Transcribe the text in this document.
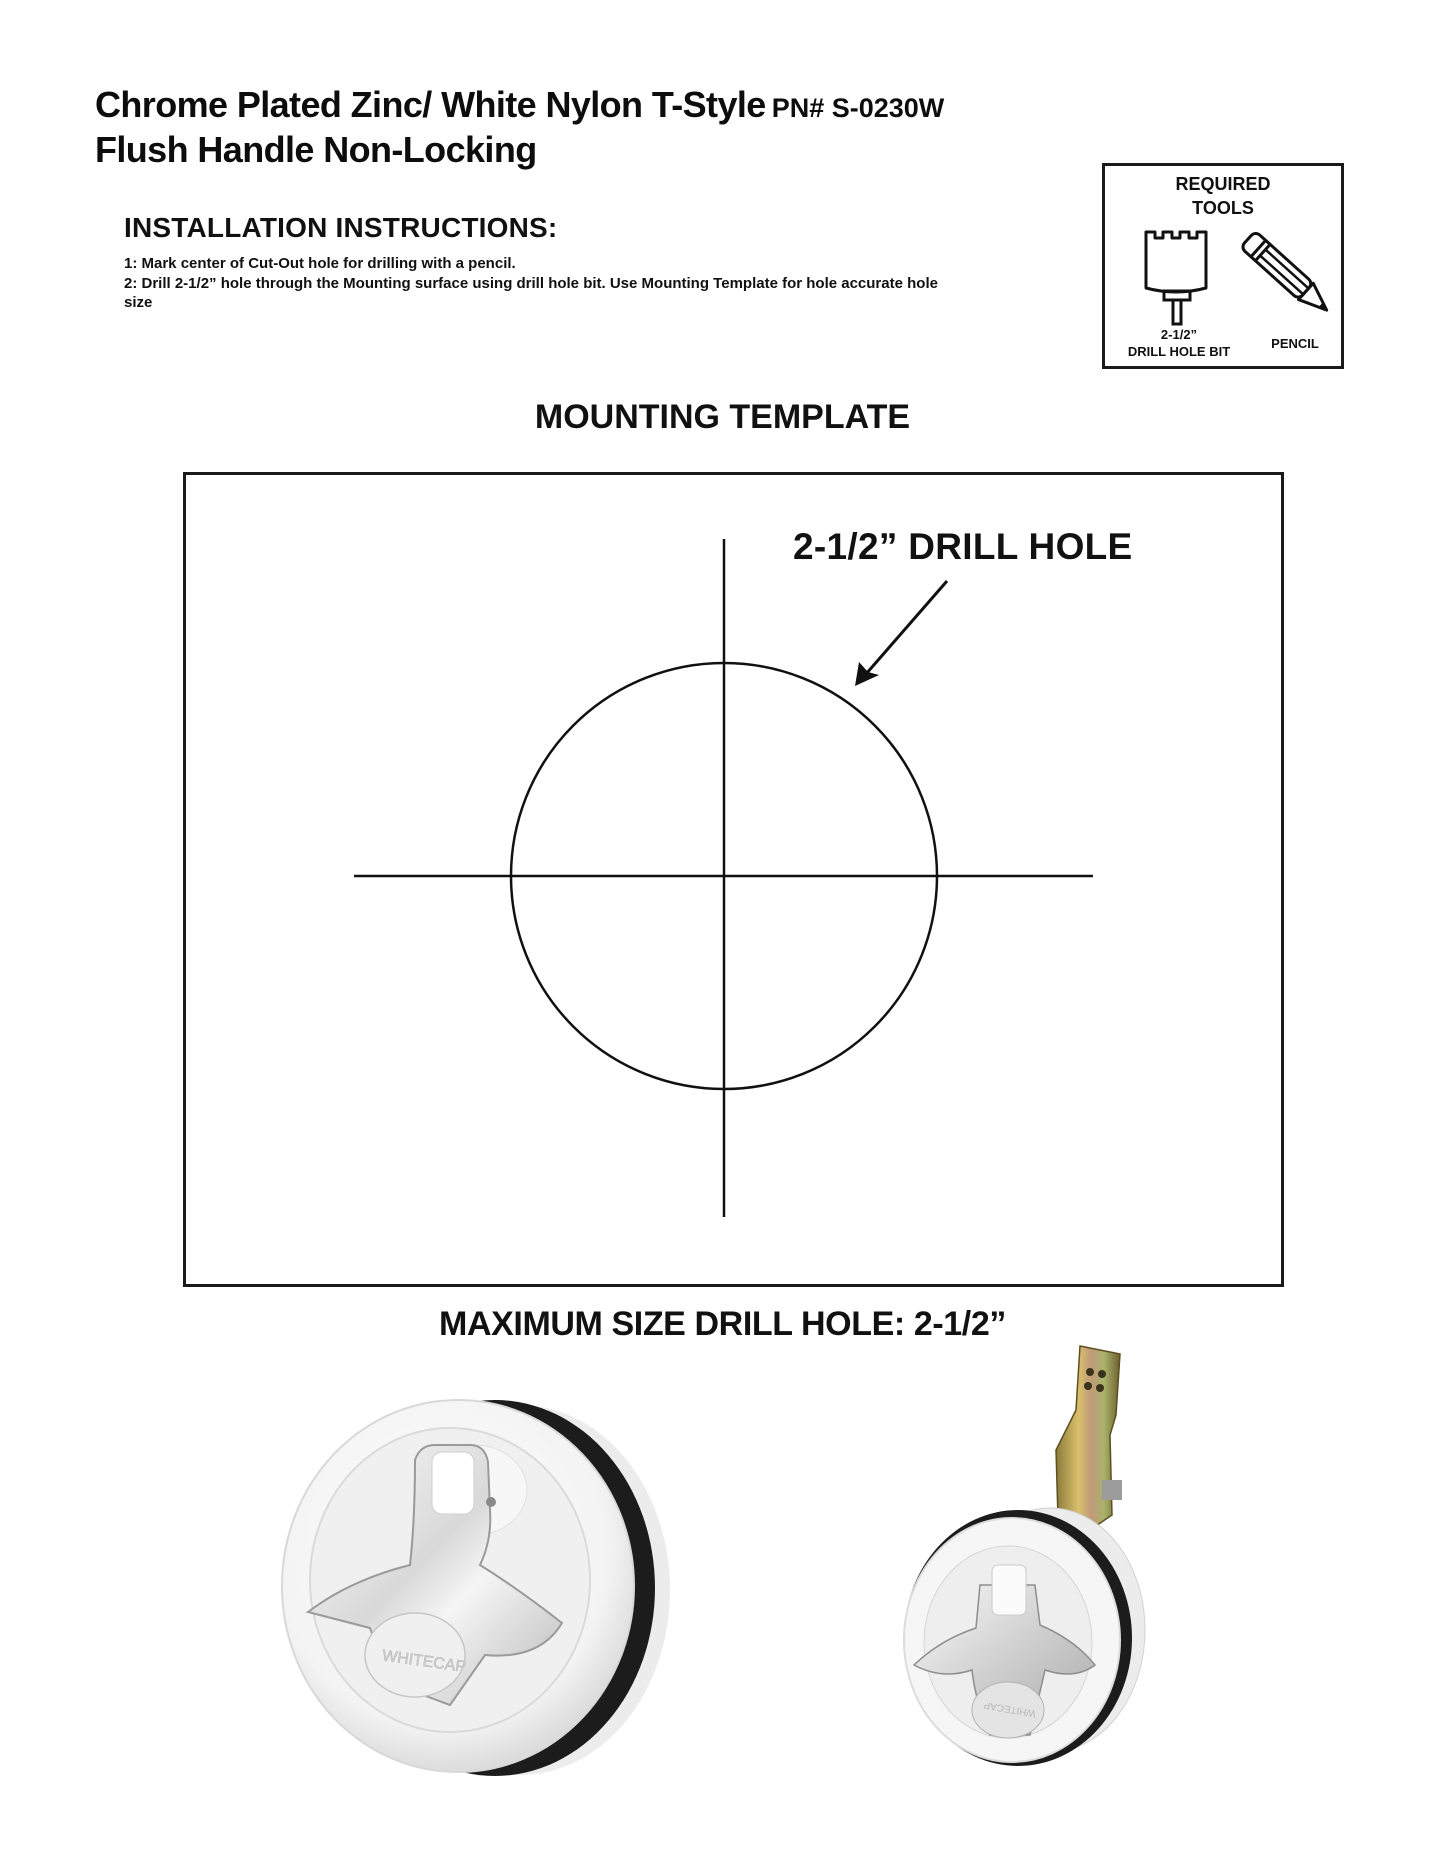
Chrome Plated Zinc/ White Nylon T-Style PN# S-0230W
Flush Handle Non-Locking
INSTALLATION INSTRUCTIONS:
1: Mark center of Cut-Out hole for drilling with a pencil.
2: Drill 2-1/2” hole through the Mounting surface using drill hole bit. Use Mounting Template for hole accurate hole size
REQUIRED
TOOLS
2-1/2”
DRILL HOLE BIT
PENCIL
MOUNTING TEMPLATE
2-1/2” DRILL HOLE
MAXIMUM SIZE DRILL HOLE: 2-1/2”
WHITECAP
WHITECAP
